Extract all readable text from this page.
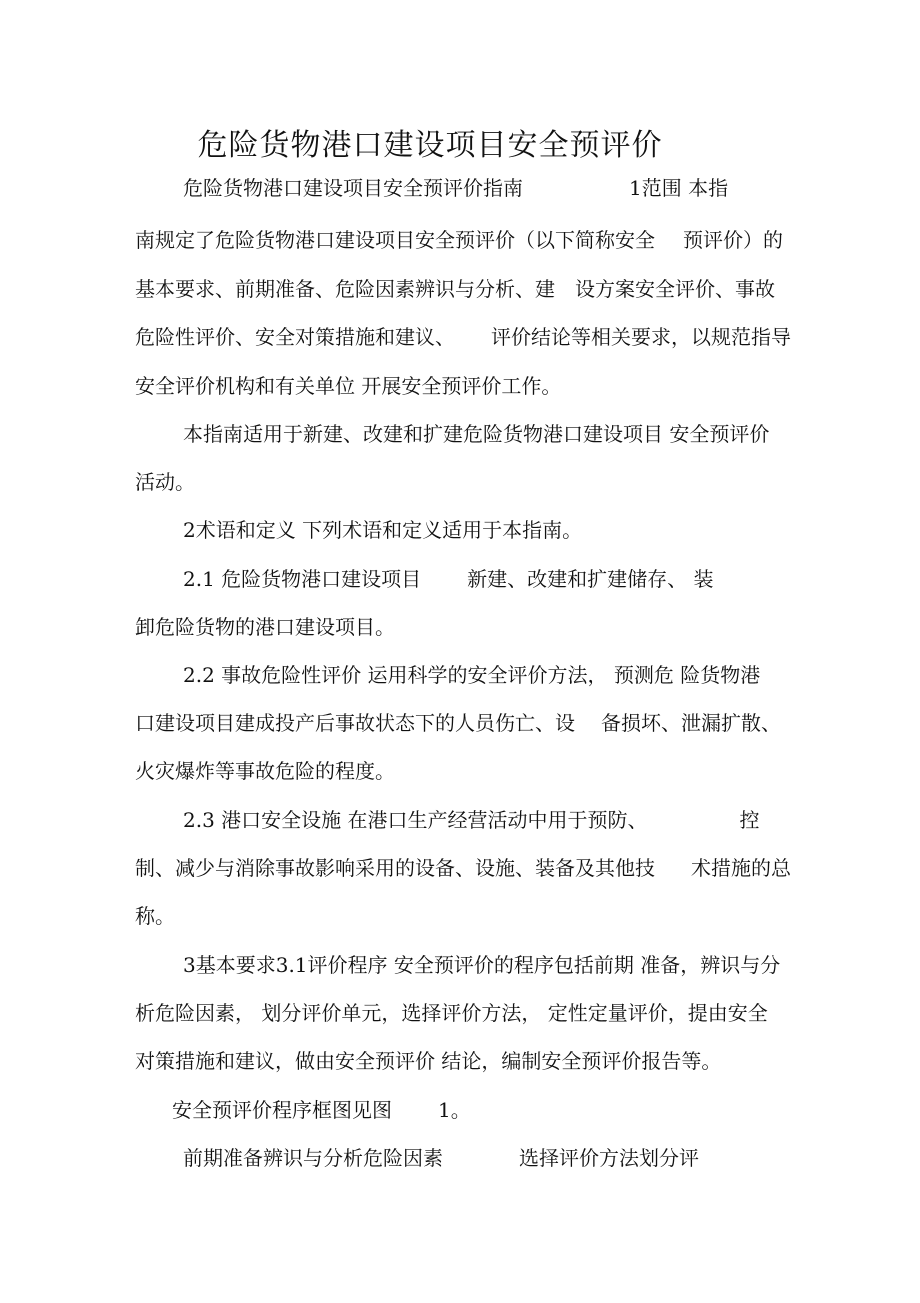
危险货物港口建设项目安全预评价
危险货物港口建设项目安全预评价指南	1范围 本指
南规定了危险货物港口建设项目安全预评价（以下简称安全 预评价）的
基本要求、前期准备、危险因素辨识与分析、建 设方案安全评价、事故
危险性评价、安全对策措施和建议、 评价结论等相关要求，以规范指导
安全评价机构和有关单位 开展安全预评价工作。
本指南适用于新建、改建和扩建危险货物港口建设项目 安全预评价
活动。
2术语和定义 下列术语和定义适用于本指南。
2.1 危险货物港口建设项目 新建、改建和扩建储存、 装
卸危险货物的港口建设项目。
2.2 事故危险性评价 运用科学的安全评价方法， 预测危 险货物港
口建设项目建成投产后事故状态下的人员伤亡、设 备损坏、泄漏扩散、
火灾爆炸等事故危险的程度。
2.3 港口安全设施 在港口生产经营活动中用于预防、	控
制、减少与消除事故影响采用的设备、设施、装备及其他技 术措施的总
称。
3基本要求3.1评价程序 安全预评价的程序包括前期 准备，辨识与分
析危险因素， 划分评价单元，选择评价方法， 定性定量评价，提由安全
对策措施和建议，做由安全预评价 结论，编制安全预评价报告等。
安全预评价程序框图见图 1。
前期准备辨识与分析危险因素	选择评价方法划分评
